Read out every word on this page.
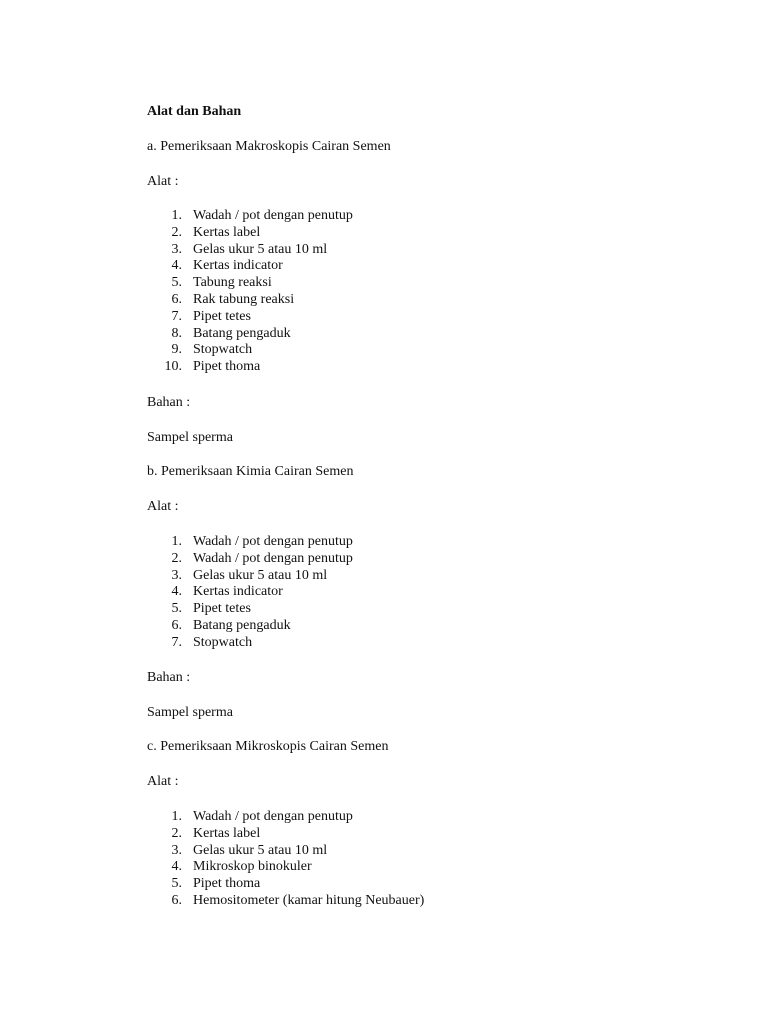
Alat dan Bahan
a. Pemeriksaan Makroskopis Cairan Semen
Alat :
1. Wadah / pot dengan penutup
2. Kertas label
3. Gelas ukur 5 atau 10 ml
4. Kertas indicator
5. Tabung reaksi
6. Rak tabung reaksi
7. Pipet tetes
8. Batang pengaduk
9. Stopwatch
10. Pipet thoma
Bahan :
Sampel sperma
b. Pemeriksaan Kimia Cairan Semen
Alat :
1. Wadah / pot dengan penutup
2. Wadah / pot dengan penutup
3. Gelas ukur 5 atau 10 ml
4. Kertas indicator
5. Pipet tetes
6. Batang pengaduk
7. Stopwatch
Bahan :
Sampel sperma
c. Pemeriksaan Mikroskopis Cairan Semen
Alat :
1. Wadah / pot dengan penutup
2. Kertas label
3. Gelas ukur 5 atau 10 ml
4. Mikroskop binokuler
5. Pipet thoma
6. Hemositometer (kamar hitung Neubauer)
